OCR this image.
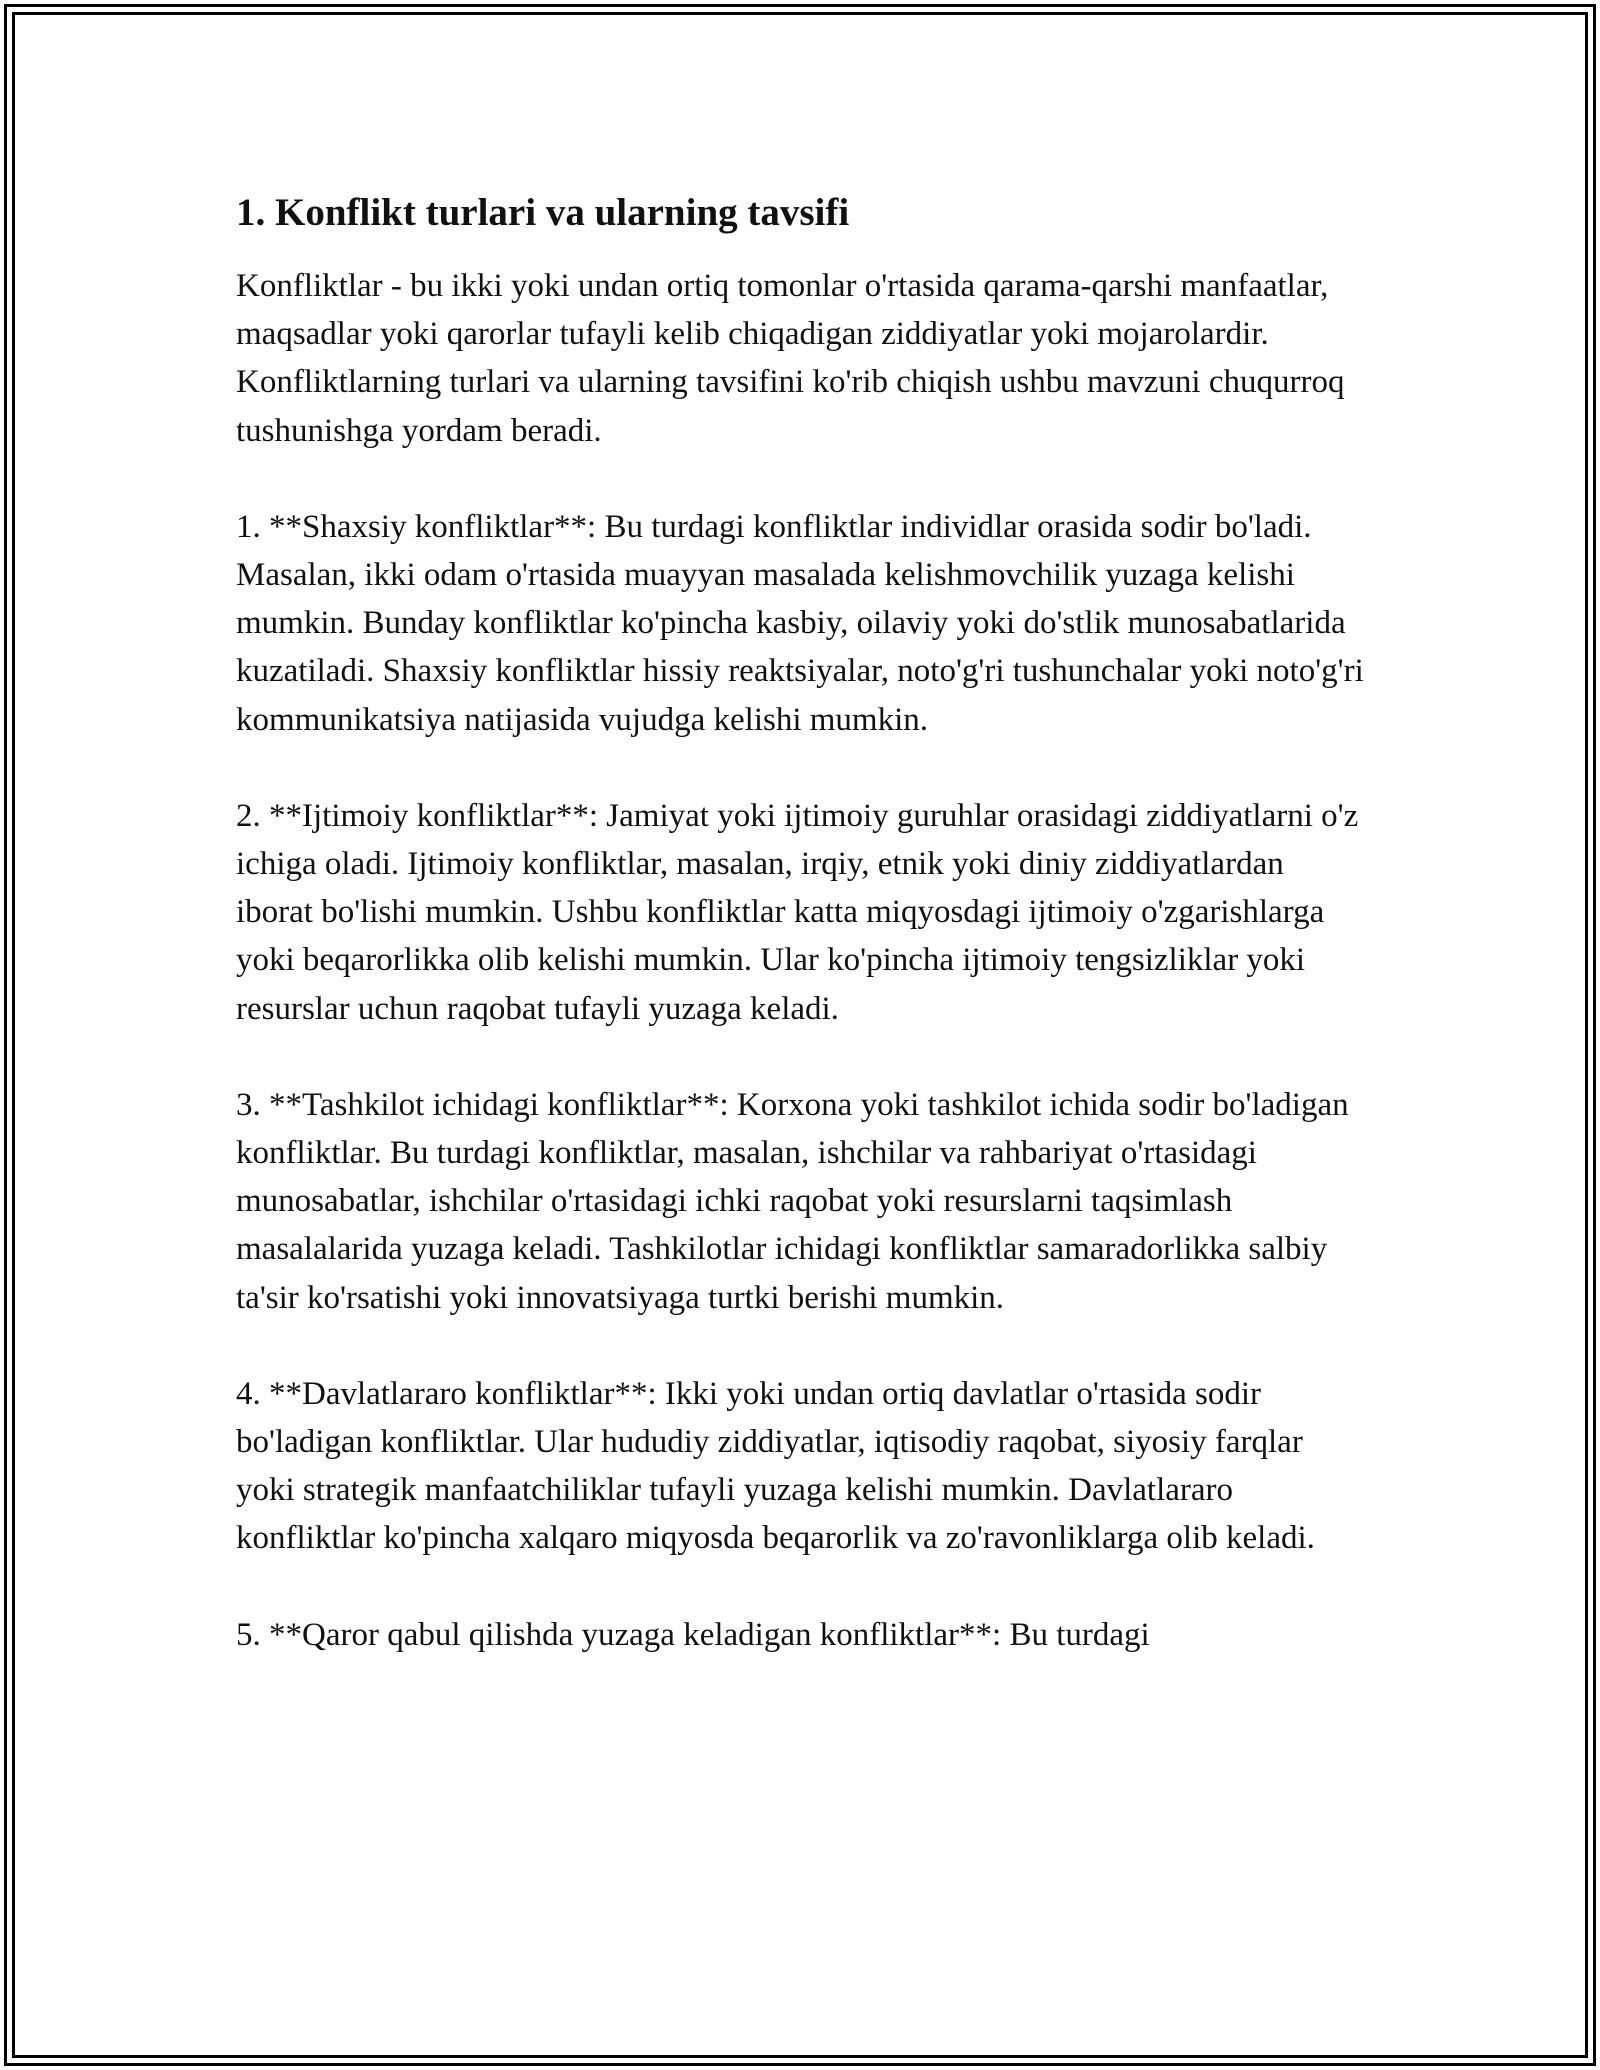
1. Konflikt turlari va ularning tavsifi

Konfliktlar - bu ikki yoki undan ortiq tomonlar o'rtasida qarama-qarshi manfaatlar, maqsadlar yoki qarorlar tufayli kelib chiqadigan ziddiyatlar yoki mojarolardir. Konfliktlarning turlari va ularning tavsifini ko'rib chiqish ushbu mavzuni chuqurroq tushunishga yordam beradi.

1. **Shaxsiy konfliktlar**: Bu turdagi konfliktlar individlar orasida sodir bo'ladi. Masalan, ikki odam o'rtasida muayyan masalada kelishmovchilik yuzaga kelishi mumkin. Bunday konfliktlar ko'pincha kasbiy, oilaviy yoki do'stlik munosabatlarida kuzatiladi. Shaxsiy konfliktlar hissiy reaktsiyalar, noto'g'ri tushunchalar yoki noto'g'ri kommunikatsiya natijasida vujudga kelishi mumkin.

2. **Ijtimoiy konfliktlar**: Jamiyat yoki ijtimoiy guruhlar orasidagi ziddiyatlarni o'z ichiga oladi. Ijtimoiy konfliktlar, masalan, irqiy, etnik yoki diniy ziddiyatlardan iborat bo'lishi mumkin. Ushbu konfliktlar katta miqyosdagi ijtimoiy o'zgarishlarga yoki beqarorlikka olib kelishi mumkin. Ular ko'pincha ijtimoiy tengsizliklar yoki resurslar uchun raqobat tufayli yuzaga keladi.

3. **Tashkilot ichidagi konfliktlar**: Korxona yoki tashkilot ichida sodir bo'ladigan konfliktlar. Bu turdagi konfliktlar, masalan, ishchilar va rahbariyat o'rtasidagi munosabatlar, ishchilar o'rtasidagi ichki raqobat yoki resurslarni taqsimlash masalalarida yuzaga keladi. Tashkilotlar ichidagi konfliktlar samaradorlikka salbiy ta'sir ko'rsatishi yoki innovatsiyaga turtki berishi mumkin.

4. **Davlatlararo konfliktlar**: Ikki yoki undan ortiq davlatlar o'rtasida sodir bo'ladigan konfliktlar. Ular hududiy ziddiyatlar, iqtisodiy raqobat, siyosiy farqlar yoki strategik manfaatchiliklar tufayli yuzaga kelishi mumkin. Davlatlararo konfliktlar ko'pincha xalqaro miqyosda beqarorlik va zo'ravonliklarga olib keladi.

5. **Qaror qabul qilishda yuzaga keladigan konfliktlar**: Bu turdagi
